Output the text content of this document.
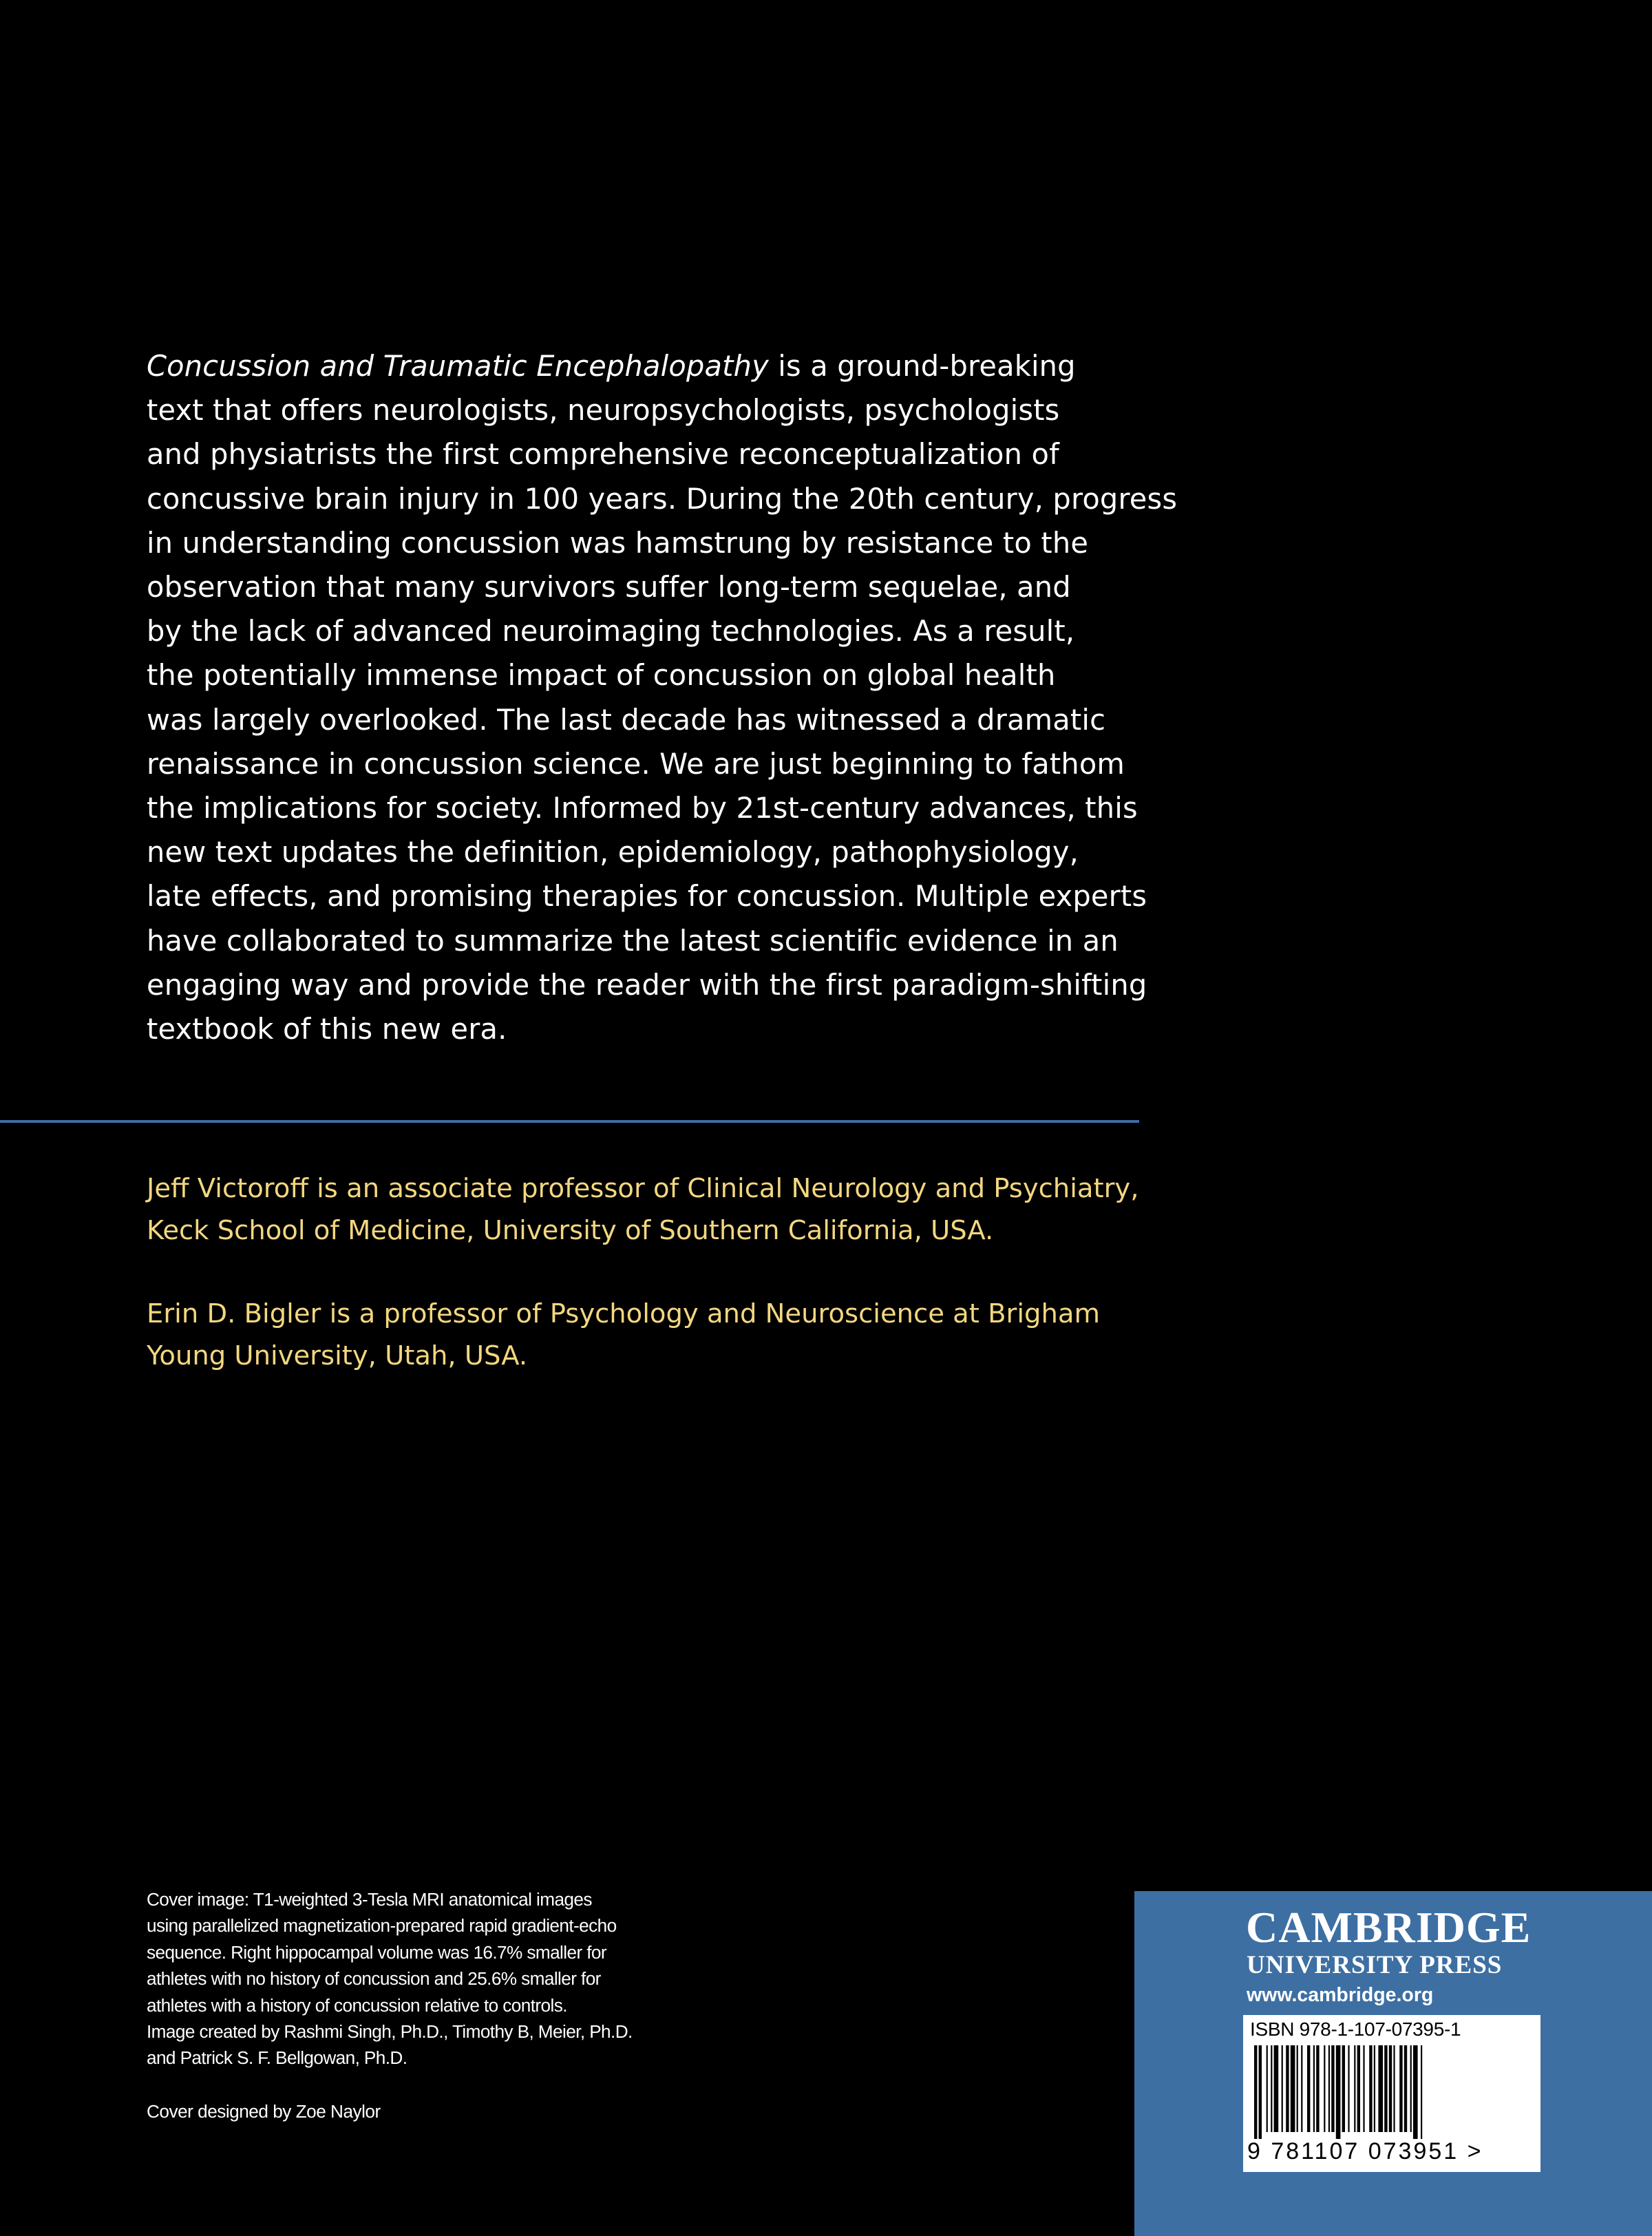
Concussion and Traumatic Encephalopathy is a ground-breaking
text that offers neurologists, neuropsychologists, psychologists
and physiatrists the first comprehensive reconceptualization of
concussive brain injury in 100 years. During the 20th century, progress
in understanding concussion was hamstrung by resistance to the
observation that many survivors suffer long-term sequelae, and
by the lack of advanced neuroimaging technologies. As a result,
the potentially immense impact of concussion on global health
was largely overlooked. The last decade has witnessed a dramatic
renaissance in concussion science. We are just beginning to fathom
the implications for society. Informed by 21st-century advances, this
new text updates the definition, epidemiology, pathophysiology,
late effects, and promising therapies for concussion. Multiple experts
have collaborated to summarize the latest scientific evidence in an
engaging way and provide the reader with the first paradigm-shifting
textbook of this new era.
Jeff Victoroff is an associate professor of Clinical Neurology and Psychiatry,
Keck School of Medicine, University of Southern California, USA.
Erin D. Bigler is a professor of Psychology and Neuroscience at Brigham
Young University, Utah, USA.
Cover image: T1-weighted 3-Tesla MRI anatomical images
using parallelized magnetization-prepared rapid gradient-echo
sequence. Right hippocampal volume was 16.7% smaller for
athletes with no history of concussion and 25.6% smaller for
athletes with a history of concussion relative to controls.
Image created by Rashmi Singh, Ph.D., Timothy B, Meier, Ph.D.
and Patrick S. F. Bellgowan, Ph.D.
Cover designed by Zoe Naylor
CAMBRIDGE
UNIVERSITY PRESS
www.cambridge.org
ISBN 978-1-107-07395-1
9 781107 073951 >
